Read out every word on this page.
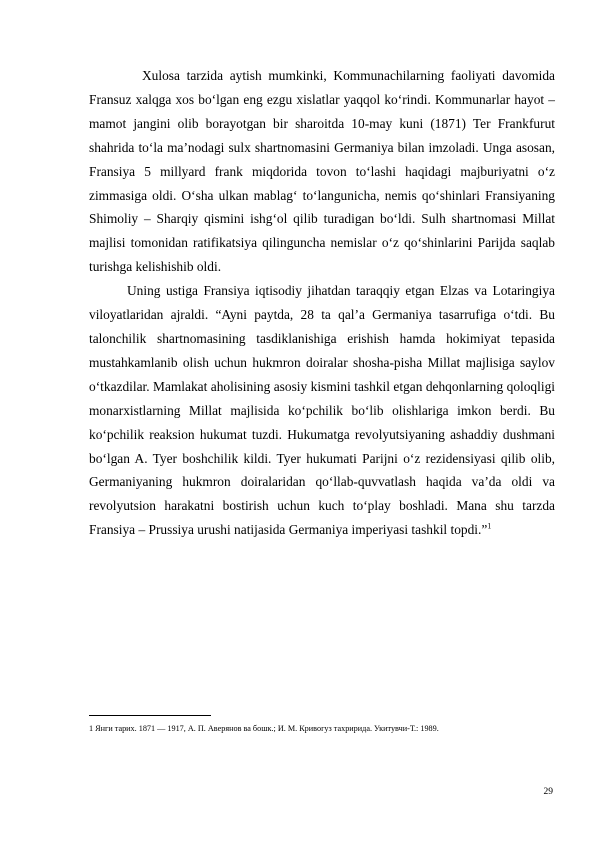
Xulosa tarzida aytish mumkinki, Kommunachilarning faoliyati davomida Fransuz xalqga xos bo‘lgan eng ezgu xislatlar yaqqol ko‘rindi. Kommunarlar hayot – mamot jangini olib borayotgan bir sharoitda 10-may kuni (1871) Ter Frankfurut shahrida to‘la ma’nodagi sulx shartnomasini Germaniya bilan imzoladi. Unga asosan, Fransiya 5 millyard frank miqdorida tovon to‘lashi haqidagi majburiyatni o‘z zimmasiga oldi. O‘sha ulkan mablag‘ to‘langunicha, nemis qo‘shinlari Fransiyaning Shimoliy – Sharqiy qismini ishg‘ol qilib turadigan bo‘ldi. Sulh shartnomasi Millat majlisi tomonidan ratifikatsiya qilinguncha nemislar o‘z qo‘shinlarini Parijda saqlab turishga kelishishib oldi.

Uning ustiga Fransiya iqtisodiy jihatdan taraqqiy etgan Elzas va Lotaringiya viloyatlaridan ajraldi. “Ayni paytda, 28 ta qal’a Germaniya tasarrufiga o‘tdi. Bu talonchilik shartnomasining tasdiklanishiga erishish hamda hokimiyat tepasida mustahkamlanib olish uchun hukmron doiralar shosha-pisha Millat majlisiga saylov o‘tkazdilar. Mamlakat aholisining asosiy kismini tashkil etgan dehqonlarning qoloqligi monarxistlarning Millat majlisida ko‘pchilik bo‘lib olishlariga imkon berdi. Bu ko‘pchilik reaksion hukumat tuzdi. Hukumatga revolyutsiyaning ashaddiy dushmani bo‘lgan A. Tyer boshchilik kildi. Tyer hukumati Parijni o‘z rezidensiyasi qilib olib, Germaniyaning hukmron doiralaridan qo‘llab-quvvatlash haqida va’da oldi va revolyutsion harakatni bostirish uchun kuch to‘play boshladi. Mana shu tarzda Fransiya – Prussiya urushi natijasida Germaniya imperiyasi tashkil topdi.”$^1$

1 Янги тарих. 1871 — 1917, А. П. Аверянов ва бошк.; И. М. Кривогуз тахририда. Укитувчи-Т.: 1989.
29
